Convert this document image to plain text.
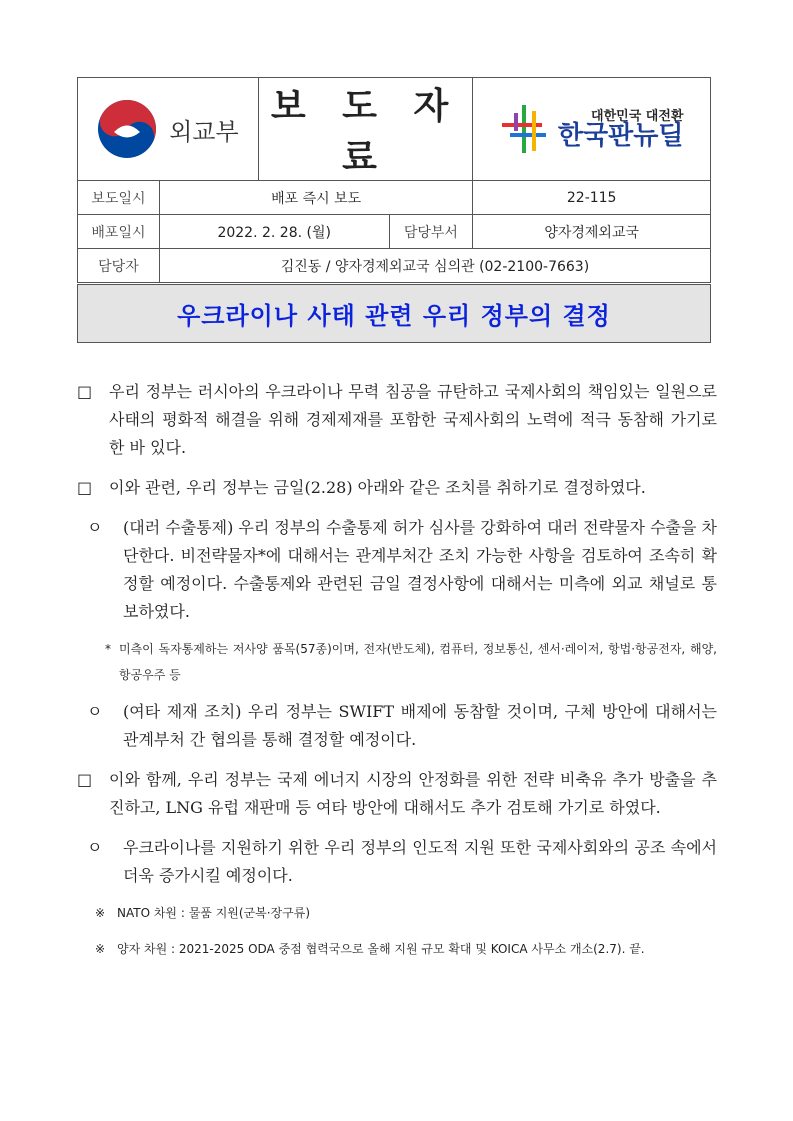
외교부		보 도 자 료		대한민국 대전환
한국판뉴딜

보도일시	배포 즉시 보도			22-115
배포일시	2022. 2. 28. (월)		담당부서	양자경제외교국
담당자	김진동 / 양자경제외교국 심의관 (02-2100-7663)			
우크라이나 사태 관련 우리 정부의 결정
□	우리 정부는 러시아의 우크라이나 무력 침공을 규탄하고 국제사회의 책임있는 일원으로 사태의 평화적 해결을 위해 경제제재를 포함한 국제사회의 노력에 적극 동참해 가기로 한 바 있다.
□	이와 관련, 우리 정부는 금일(2.28) 아래와 같은 조치를 취하기로 결정하였다.
ㅇ	(대러 수출통제) 우리 정부의 수출통제 허가 심사를 강화하여 대러 전략물자 수출을 차단한다. 비전략물자*에 대해서는 관계부처간 조치 가능한 사항을 검토하여 조속히 확정할 예정이다. 수출통제와 관련된 금일 결정사항에 대해서는 미측에 외교 채널로 통보하였다.
* 미측이 독자통제하는 저사양 품목(57종)이며, 전자(반도체), 컴퓨터, 정보통신, 센서·레이저, 항법·항공전자, 해양, 항공우주 등
ㅇ	(여타 제재 조치) 우리 정부는 SWIFT 배제에 동참할 것이며, 구체 방안에 대해서는 관계부처 간 협의를 통해 결정할 예정이다.
□	이와 함께, 우리 정부는 국제 에너지 시장의 안정화를 위한 전략 비축유 추가 방출을 추진하고, LNG 유럽 재판매 등 여타 방안에 대해서도 추가 검토해 가기로 하였다.
ㅇ	우크라이나를 지원하기 위한 우리 정부의 인도적 지원 또한 국제사회와의 공조 속에서 더욱 증가시킬 예정이다.
※ NATO 차원 : 물품 지원(군복·장구류)
※ 양자 차원 : 2021-2025 ODA 중점 협력국으로 올해 지원 규모 확대 및 KOICA 사무소 개소(2.7). 끝.
